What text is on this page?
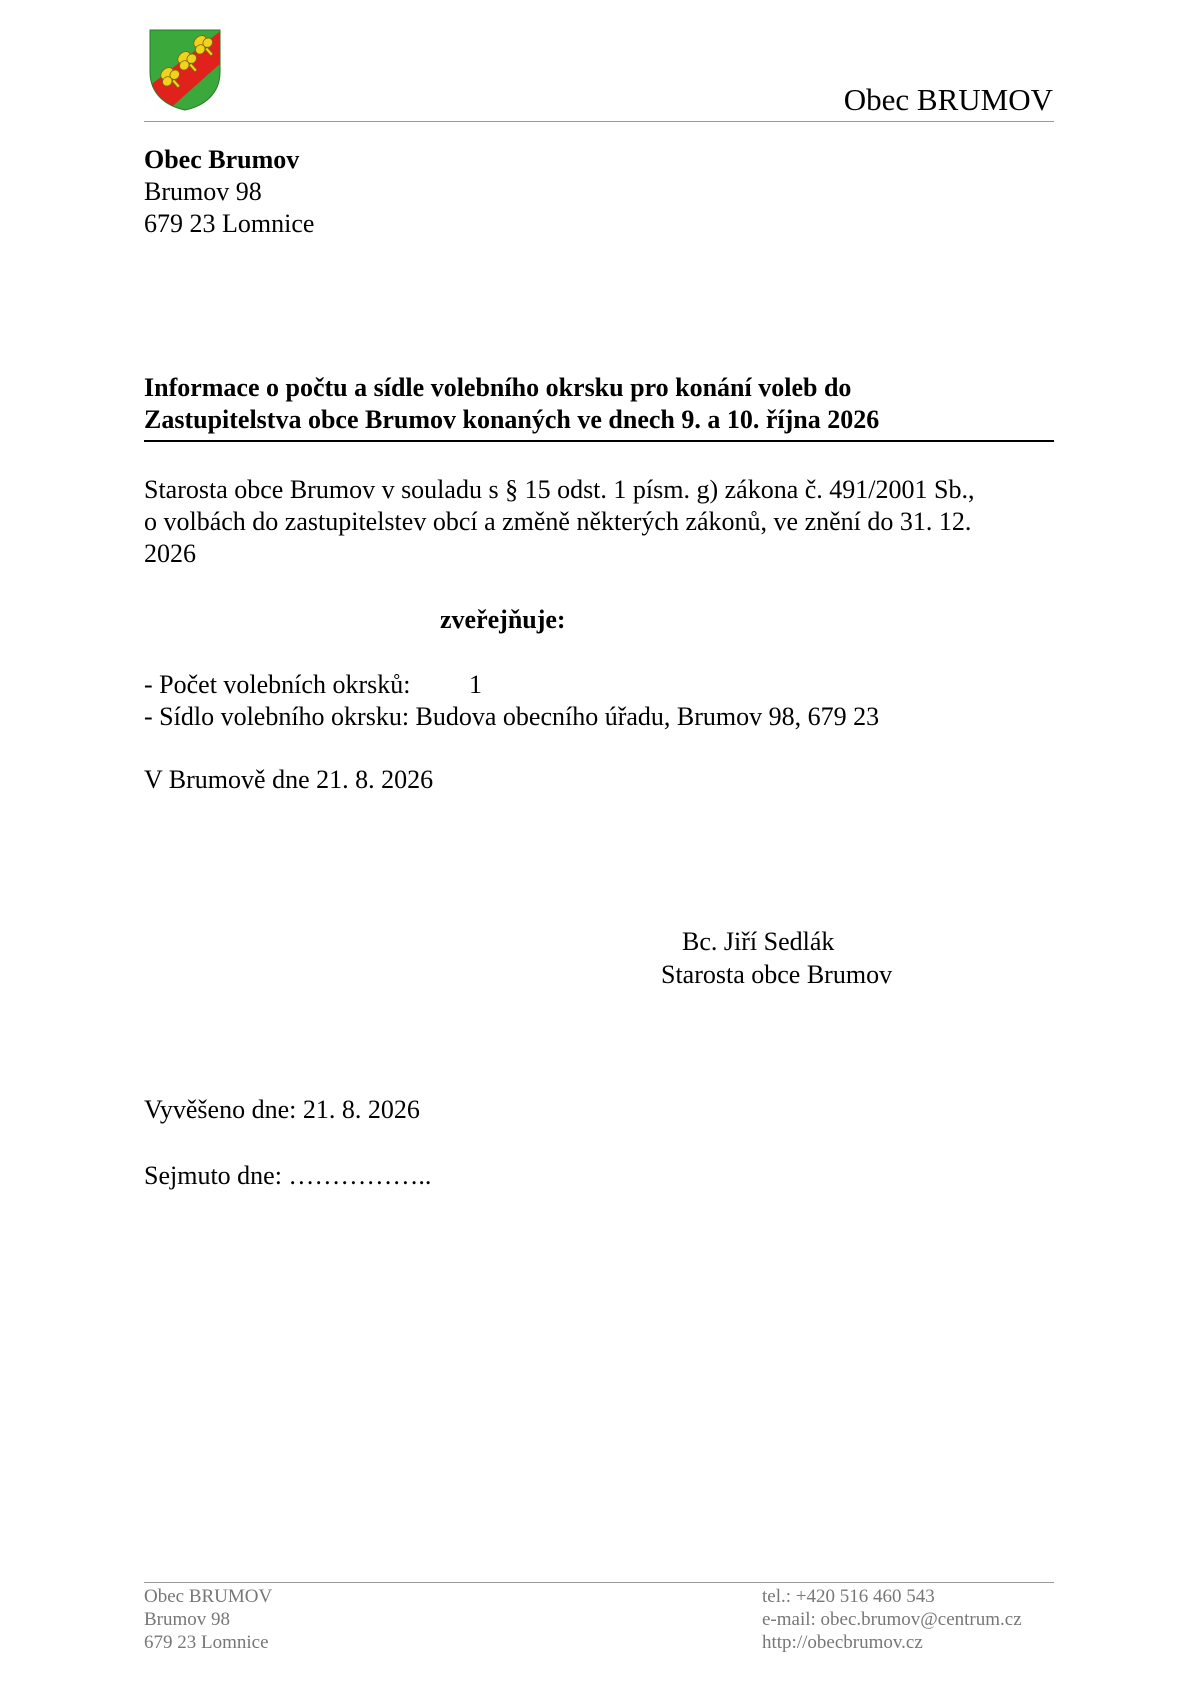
Obec BRUMOV
Obec Brumov
Brumov 98
679 23 Lomnice
Informace o počtu a sídle volebního okrsku pro konání voleb do
Zastupitelstva obce Brumov konaných ve dnech 9. a 10. října 2026
Starosta obce Brumov v souladu s § 15 odst. 1 písm. g) zákona č. 491/2001 Sb.,
o volbách do zastupitelstev obcí a změně některých zákonů, ve znění do 31. 12.
2026
zveřejňuje:
- Počet volebních okrsků: 1
- Sídlo volebního okrsku: Budova obecního úřadu, Brumov 98, 679 23
V Brumově dne 21. 8. 2026
Bc. Jiří Sedlák
Starosta obce Brumov
Vyvěšeno dne: 21. 8. 2026
Sejmuto dne: ……………..
Obec BRUMOV
Brumov 98
679 23 Lomnice
tel.: +420 516 460 543
e-mail: obec.brumov@centrum.cz
http://obecbrumov.cz
